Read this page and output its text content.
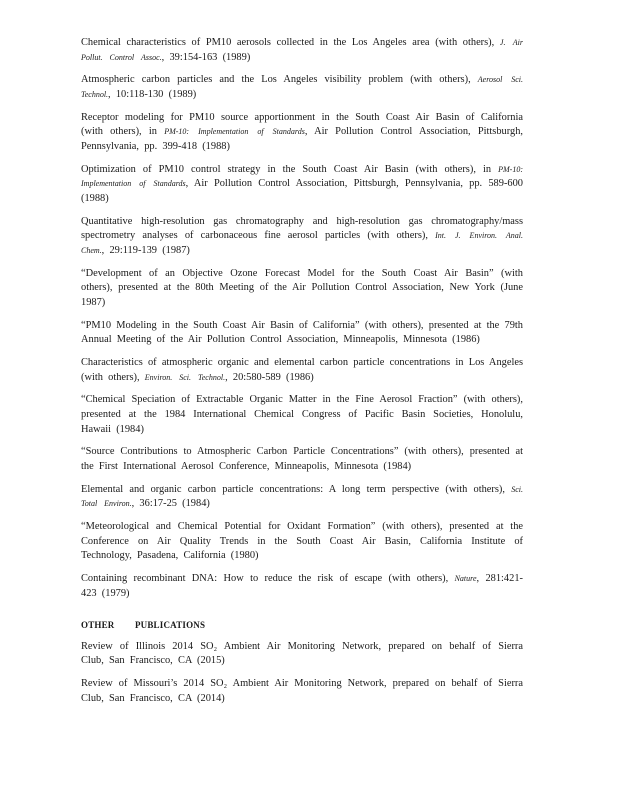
Chemical characteristics of PM10 aerosols collected in the Los Angeles area (with others), J. Air Pollut. Control Assoc., 39:154-163 (1989)

Atmospheric carbon particles and the Los Angeles visibility problem (with others), Aerosol Sci. Technol., 10:118-130 (1989)

Receptor modeling for PM10 source apportionment in the South Coast Air Basin of California (with others), in PM-10: Implementation of Standards, Air Pollution Control Association, Pittsburgh, Pennsylvania, pp. 399-418 (1988)

Optimization of PM10 control strategy in the South Coast Air Basin (with others), in PM-10: Implementation of Standards, Air Pollution Control Association, Pittsburgh, Pennsylvania, pp. 589-600 (1988)

Quantitative high-resolution gas chromatography and high-resolution gas chromatography/mass spectrometry analyses of carbonaceous fine aerosol particles (with others), Int. J. Environ. Anal. Chem., 29:119-139 (1987)

“Development of an Objective Ozone Forecast Model for the South Coast Air Basin” (with others), presented at the 80th Meeting of the Air Pollution Control Association, New York (June 1987)

“PM10 Modeling in the South Coast Air Basin of California” (with others), presented at the 79th Annual Meeting of the Air Pollution Control Association, Minneapolis, Minnesota (1986)

Characteristics of atmospheric organic and elemental carbon particle concentrations in Los Angeles (with others), Environ. Sci. Technol., 20:580-589 (1986)

“Chemical Speciation of Extractable Organic Matter in the Fine Aerosol Fraction” (with others), presented at the 1984 International Chemical Congress of Pacific Basin Societies, Honolulu, Hawaii (1984)

“Source Contributions to Atmospheric Carbon Particle Concentrations” (with others), presented at the First International Aerosol Conference, Minneapolis, Minnesota (1984)

Elemental and organic carbon particle concentrations: A long term perspective (with others), Sci. Total Environ., 36:17-25 (1984)

“Meteorological and Chemical Potential for Oxidant Formation” (with others), presented at the Conference on Air Quality Trends in the South Coast Air Basin, California Institute of Technology, Pasadena, California (1980)

Containing recombinant DNA: How to reduce the risk of escape (with others), Nature, 281:421-423 (1979)

OTHER PUBLICATIONS

Review of Illinois 2014 SO₂ Ambient Air Monitoring Network, prepared on behalf of Sierra Club, San Francisco, CA (2015)

Review of Missouri’s 2014 SO₂ Ambient Air Monitoring Network, prepared on behalf of Sierra Club, San Francisco, CA (2014)
